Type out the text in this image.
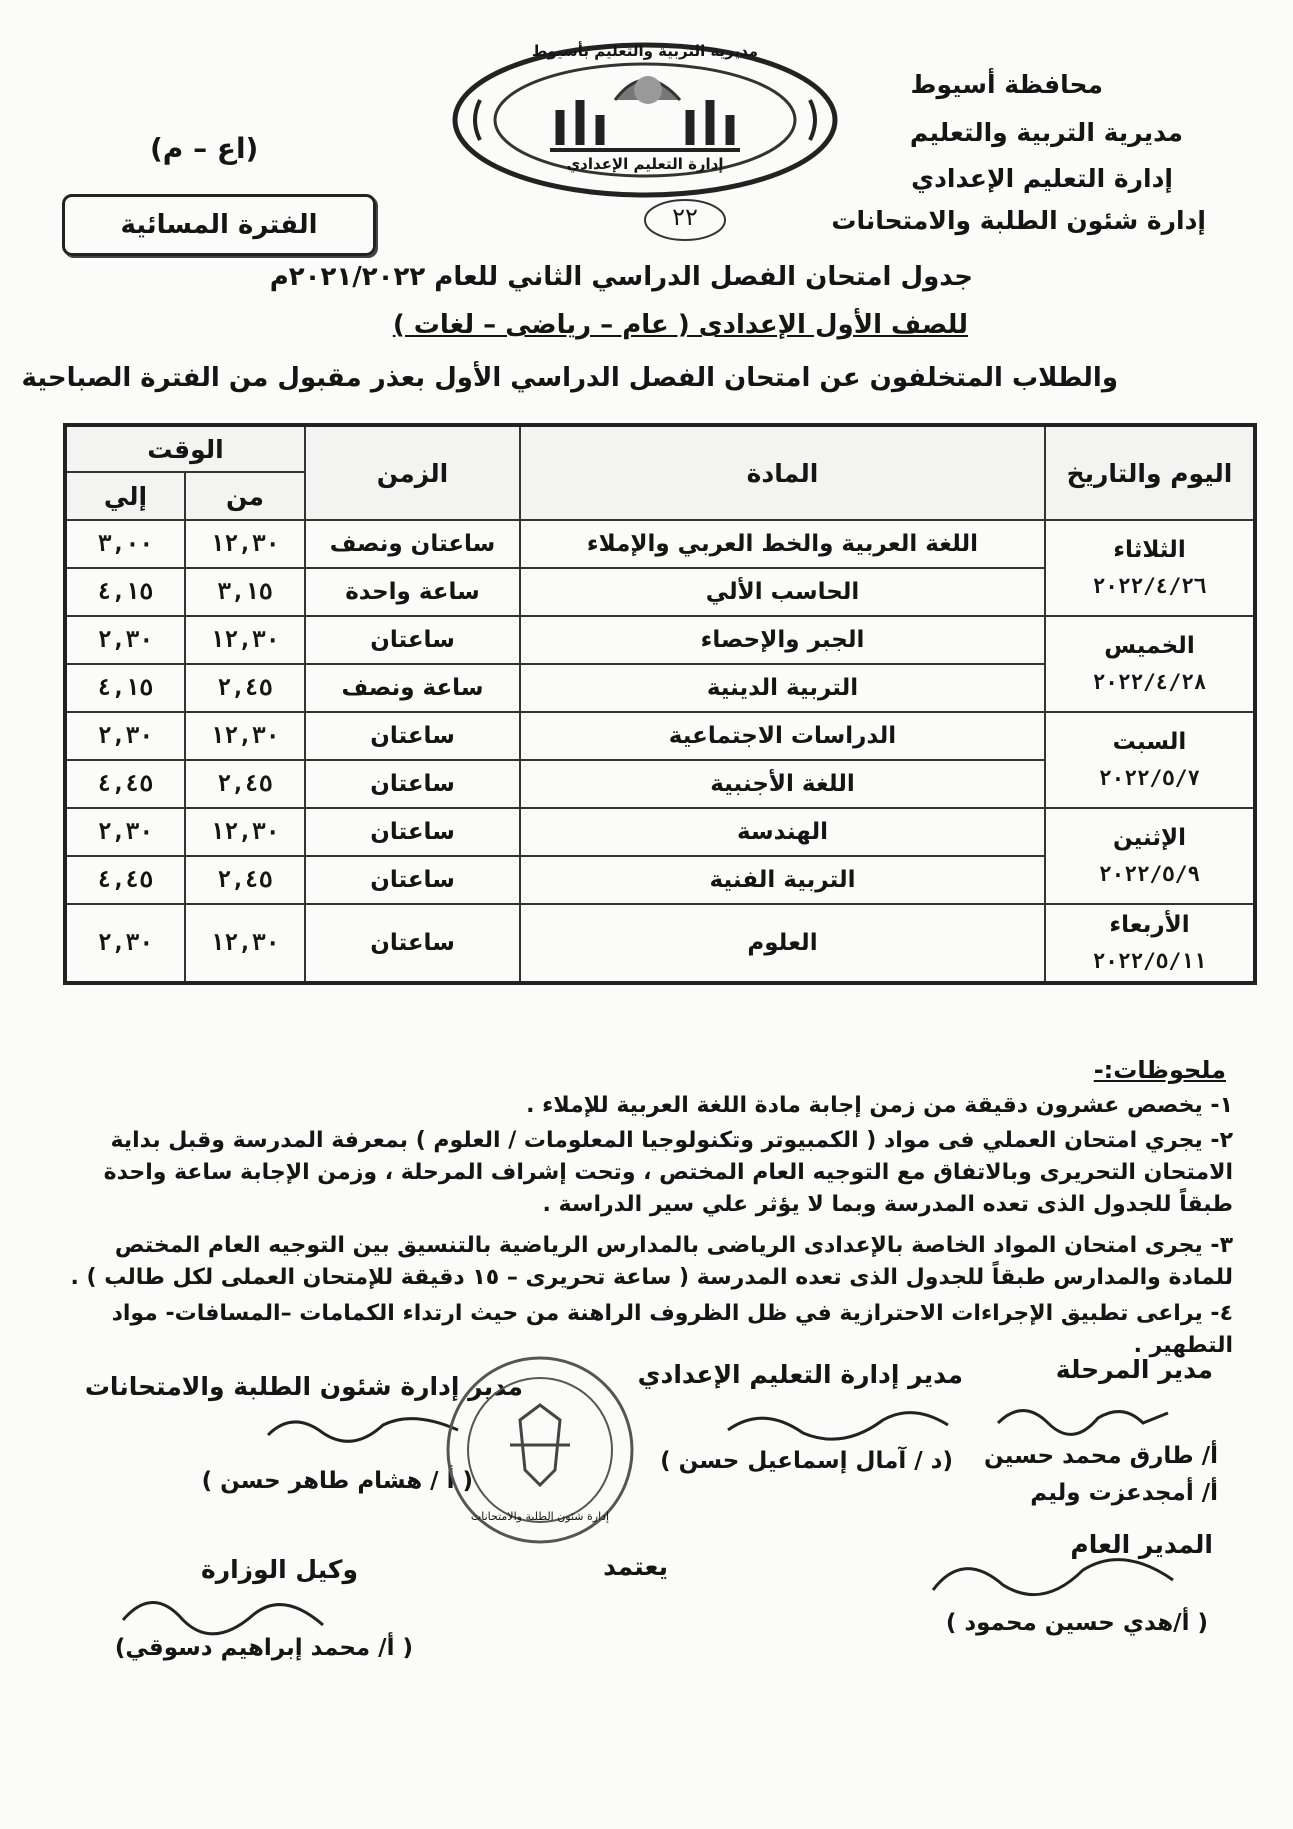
محافظة أسيوط
مديرية التربية والتعليم
إدارة التعليم الإعدادي
إدارة شئون الطلبة والامتحانات
(اع – م)
الفترة المسائية
مديرية التربية والتعليم بأسيوط
إدارة التعليم الإعدادي
٢٢
جدول امتحان الفصل الدراسي الثاني للعام ٢٠٢١/٢٠٢٢م
للصف الأول الإعدادى ( عام – رياضى – لغات )
والطلاب المتخلفون عن امتحان الفصل الدراسي الأول بعذر مقبول من الفترة الصباحية
اليوم والتاريخ	المادة	الزمن	الوقت	
			من	إلي

الثلاثاء
٢٠٢٢/٤/٢٦	اللغة العربية والخط العربي والإملاء	ساعتان ونصف	١٢,٣٠	٣,٠٠
	الحاسب الألي	ساعة واحدة	٣,١٥	٤,١٥

الخميس
٢٠٢٢/٤/٢٨	الجبر والإحصاء	ساعتان	١٢,٣٠	٢,٣٠
	التربية الدينية	ساعة ونصف	٢,٤٥	٤,١٥

السبت
٢٠٢٢/٥/٧	الدراسات الاجتماعية	ساعتان	١٢,٣٠	٢,٣٠
	اللغة الأجنبية	ساعتان	٢,٤٥	٤,٤٥

الإثنين
٢٠٢٢/٥/٩	الهندسة	ساعتان	١٢,٣٠	٢,٣٠
	التربية الفنية	ساعتان	٢,٤٥	٤,٤٥

الأربعاء
٢٠٢٢/٥/١١	العلوم	ساعتان	١٢,٣٠	٢,٣٠
ملحوظات:-
١- يخصص عشرون دقيقة من زمن إجابة مادة اللغة العربية للإملاء .
٢- يجري امتحان العملي فى مواد ( الكمبيوتر وتكنولوجيا المعلومات / العلوم ) بمعرفة المدرسة وقبل بداية الامتحان التحريرى وبالاتفاق مع التوجيه العام المختص ، وتحت إشراف المرحلة ، وزمن الإجابة ساعة واحدة طبقاً للجدول الذى تعده المدرسة وبما لا يؤثر علي سير الدراسة .
٣- يجرى امتحان المواد الخاصة بالإعدادى الرياضى بالمدارس الرياضية بالتنسيق بين التوجيه العام المختص للمادة والمدارس طبقاً للجدول الذى تعده المدرسة ( ساعة تحريرى – ١٥ دقيقة للإمتحان العملى لكل طالب ) .
٤- يراعى تطبيق الإجراءات الاحترازية في ظل الظروف الراهنة من حيث ارتداء الكمامات –المسافات- مواد التطهير .
مدير المرحلة
أ/ طارق محمد حسين
أ/ أمجدعزت وليم
مدير إدارة التعليم الإعدادي
(د / آمال إسماعيل حسن )
مدير إدارة شئون الطلبة والامتحانات
( أ / هشام طاهر حسن )
إدارة شئون الطلبة والامتحانات
المدير العام
( أ/هدي حسين محمود )
يعتمد
وكيل الوزارة
( أ/ محمد إبراهيم دسوقي)
